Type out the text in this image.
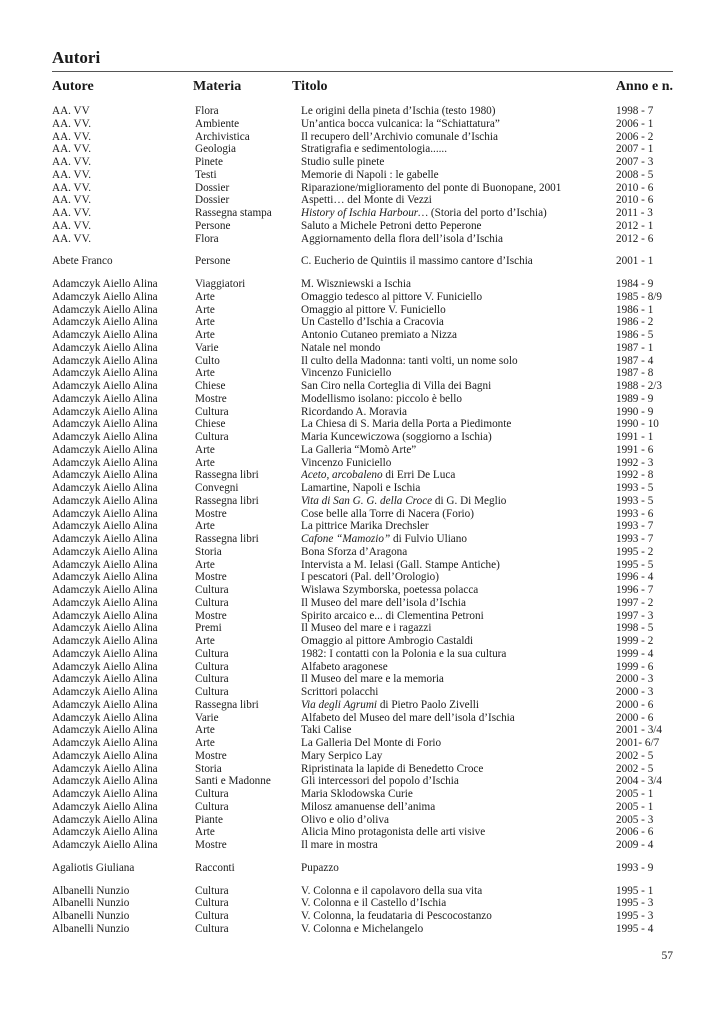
Autori
Autore	Materia	Titolo	Anno e n.
AA. VV	Flora	Le origini della pineta d’Ischia (testo 1980)	1998 - 7
AA. VV.	Ambiente	Un’antica bocca vulcanica: la “Schiattatura”	2006 - 1
AA. VV.	Archivistica	Il recupero dell’Archivio comunale d’Ischia	2006 - 2
AA. VV.	Geologia	Stratigrafia e sedimentologia......	2007 - 1
AA. VV.	Pinete	Studio sulle pinete	2007 - 3
AA. VV.	Testi	Memorie di Napoli : le gabelle	2008 - 5
AA. VV.	Dossier	Riparazione/miglioramento del ponte di Buonopane, 2001	2010 - 6
AA. VV.	Dossier	Aspetti… del Monte di Vezzi	2010 - 6
AA. VV.	Rassegna stampa	History of Ischia Harbour… (Storia del porto d’Ischia)	2011 - 3
AA. VV.	Persone	Saluto a Michele Petroni detto Peperone	2012 - 1
AA. VV.	Flora	Aggiornamento della flora dell’isola d’Ischia	2012 - 6
Abete Franco	Persone	C. Eucherio de Quintiis il massimo cantore d’Ischia	2001 - 1
Adamczyk Aiello Alina	Viaggiatori	M. Wiszniewski a Ischia	1984 - 9
Adamczyk Aiello Alina	Arte	Omaggio tedesco al pittore V. Funiciello	1985 - 8/9
Adamczyk Aiello Alina	Arte	Omaggio al pittore V. Funiciello	1986 - 1
Adamczyk Aiello Alina	Arte	Un Castello d’Ischia a Cracovia	1986 - 2
Adamczyk Aiello Alina	Arte	Antonio Cutaneo premiato a Nizza	1986 - 5
Adamczyk Aiello Alina	Varie	Natale nel mondo	1987 - 1
Adamczyk Aiello Alina	Culto	Il culto della Madonna: tanti volti, un nome solo	1987 - 4
Adamczyk Aiello Alina	Arte	Vincenzo Funiciello	1987 - 8
Adamczyk Aiello Alina	Chiese	San Ciro nella Corteglia di Villa dei Bagni	1988 - 2/3
Adamczyk Aiello Alina	Mostre	Modellismo isolano: piccolo è bello	1989 - 9
Adamczyk Aiello Alina	Cultura	Ricordando A. Moravia	1990 - 9
Adamczyk Aiello Alina	Chiese	La Chiesa di S. Maria della Porta a Piedimonte	1990 - 10
Adamczyk Aiello Alina	Cultura	Maria Kuncewiczowa (soggiorno a Ischia)	1991 - 1
Adamczyk Aiello Alina	Arte	La Galleria “Momò Arte”	1991 - 6
Adamczyk Aiello Alina	Arte	Vincenzo Funiciello	1992 - 3
Adamczyk Aiello Alina	Rassegna libri	Aceto, arcobaleno di Erri De Luca	1992 - 8
Adamczyk Aiello Alina	Convegni	Lamartine, Napoli e Ischia	1993 - 5
Adamczyk Aiello Alina	Rassegna libri	Vita di San G. G. della Croce di G. Di Meglio	1993 - 5
Adamczyk Aiello Alina	Mostre	Cose belle alla Torre di Nacera (Forio)	1993 - 6
Adamczyk Aiello Alina	Arte	La pittrice Marika Drechsler	1993 - 7
Adamczyk Aiello Alina	Rassegna libri	Cafone “Mamozio” di Fulvio Uliano	1993 - 7
Adamczyk Aiello Alina	Storia	Bona Sforza d’Aragona	1995 - 2
Adamczyk Aiello Alina	Arte	Intervista a M. Ielasi (Gall. Stampe Antiche)	1995 - 5
Adamczyk Aiello Alina	Mostre	I pescatori (Pal. dell’Orologio)	1996 - 4
Adamczyk Aiello Alina	Cultura	Wislawa Szymborska, poetessa polacca	1996 - 7
Adamczyk Aiello Alina	Cultura	Il Museo del mare dell’isola d’Ischia	1997 - 2
Adamczyk Aiello Alina	Mostre	Spirito arcaico e... di Clementina Petroni	1997 - 3
Adamczyk Aiello Alina	Premi	Il Museo del mare e i ragazzi	1998 - 5
Adamczyk Aiello Alina	Arte	Omaggio al pittore Ambrogio Castaldi	1999 - 2
Adamczyk Aiello Alina	Cultura	1982: I contatti con la Polonia e la sua cultura	1999 - 4
Adamczyk Aiello Alina	Cultura	Alfabeto aragonese	1999 - 6
Adamczyk Aiello Alina	Cultura	Il Museo del mare e la memoria	2000 - 3
Adamczyk Aiello Alina	Cultura	Scrittori polacchi	2000 - 3
Adamczyk Aiello Alina	Rassegna libri	Via degli Agrumi di Pietro Paolo Zivelli	2000 - 6
Adamczyk Aiello Alina	Varie	Alfabeto del Museo del mare dell’isola d’Ischia	2000 - 6
Adamczyk Aiello Alina	Arte	Taki Calise	2001 - 3/4
Adamczyk Aiello Alina	Arte	La Galleria Del Monte di Forio	2001- 6/7
Adamczyk Aiello Alina	Mostre	Mary Serpico Lay	2002 - 5
Adamczyk Aiello Alina	Storia	Ripristinata la lapide di Benedetto Croce	2002 - 5
Adamczyk Aiello Alina	Santi e Madonne	Gli intercessori del popolo d’Ischia	2004 - 3/4
Adamczyk Aiello Alina	Cultura	Maria Sklodowska Curie	2005 - 1
Adamczyk Aiello Alina	Cultura	Milosz amanuense dell’anima	2005 - 1
Adamczyk Aiello Alina	Piante	Olivo e olio d’oliva	2005 - 3
Adamczyk Aiello Alina	Arte	Alicia Mino protagonista delle arti visive	2006 - 6
Adamczyk Aiello Alina	Mostre	Il mare in mostra	2009 - 4
Agaliotis Giuliana	Racconti	Pupazzo	1993 - 9
Albanelli Nunzio	Cultura	V. Colonna e il capolavoro della sua vita	1995 - 1
Albanelli Nunzio	Cultura	V. Colonna e il Castello d’Ischia	1995 - 3
Albanelli Nunzio	Cultura	V. Colonna, la feudataria di Pescocostanzo	1995 - 3
Albanelli Nunzio	Cultura	V. Colonna e Michelangelo	1995 - 4
57
